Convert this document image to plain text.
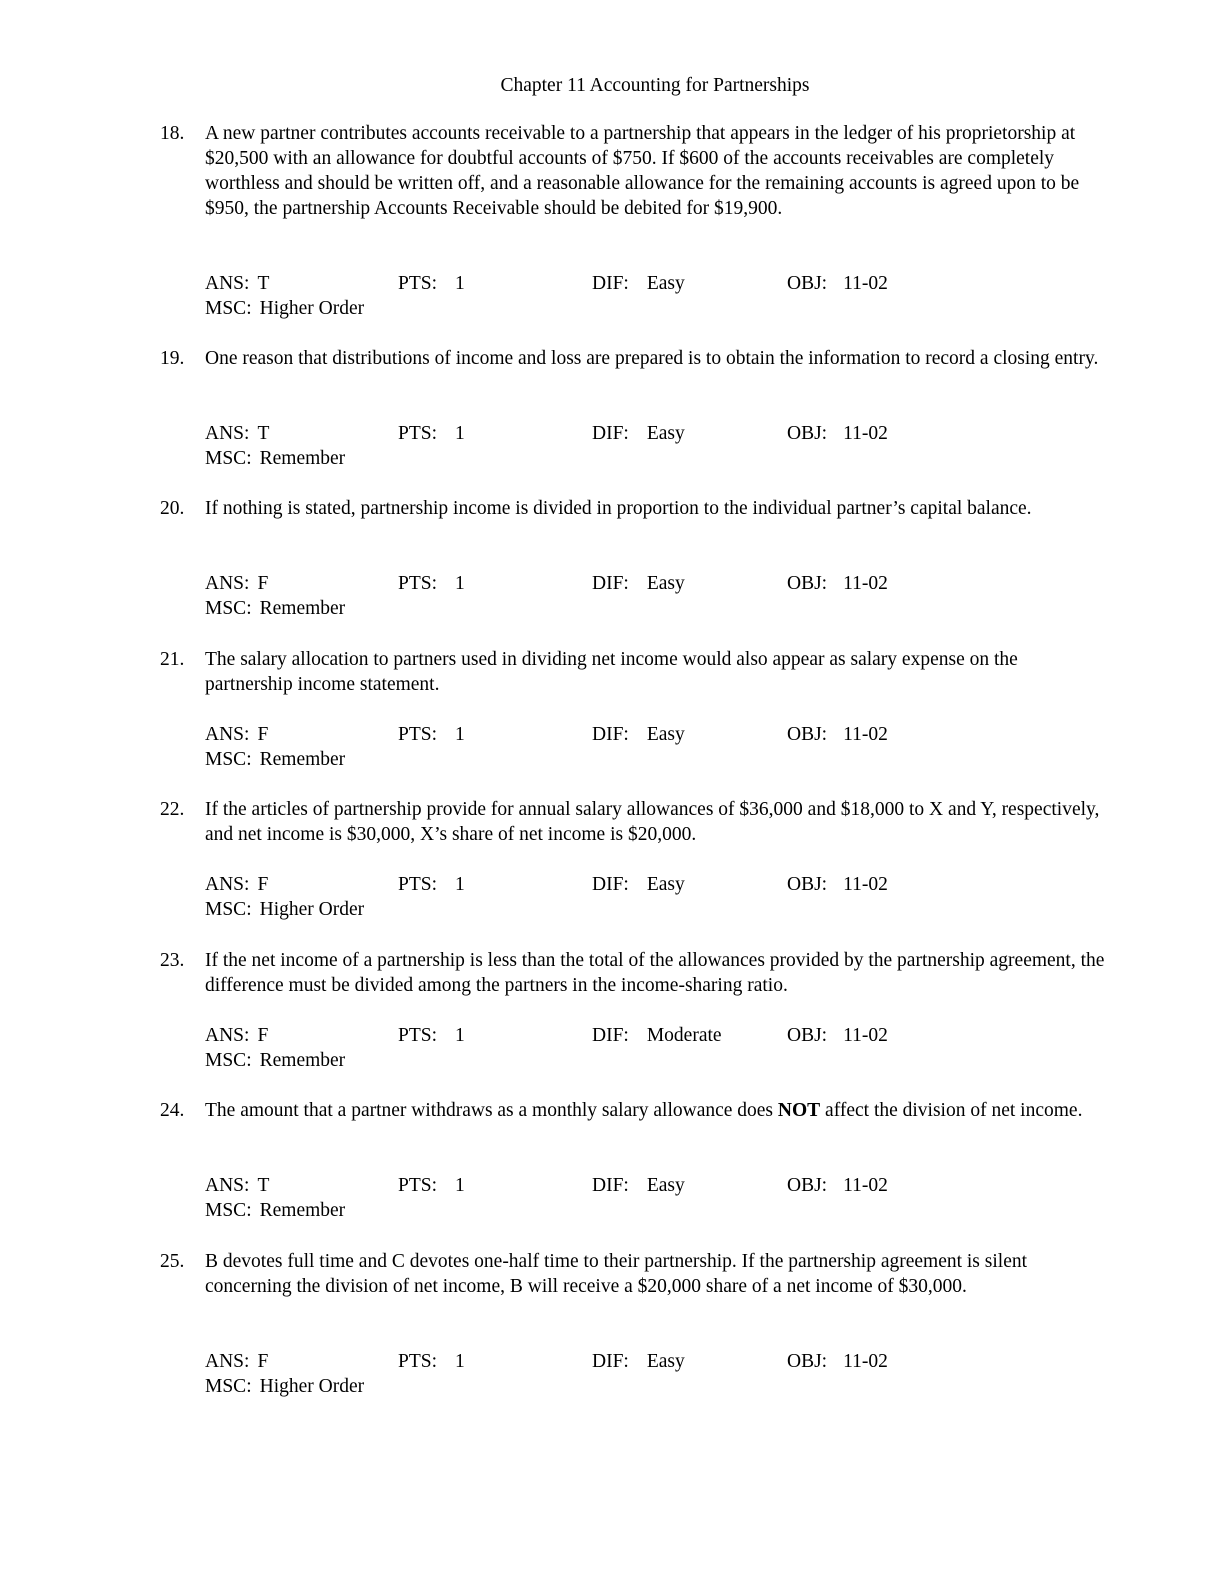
Chapter 11 Accounting for Partnerships
18.	A new partner contributes accounts receivable to a partnership that appears in the ledger of his proprietorship at $20,500 with an allowance for doubtful accounts of $750. If $600 of the accounts receivables are completely worthless and should be written off, and a reasonable allowance for the remaining accounts is agreed upon to be $950, the partnership Accounts Receivable should be debited for $19,900.
ANS: T	PTS: 1	DIF: Easy	OBJ: 11-02
MSC: Higher Order
19.	One reason that distributions of income and loss are prepared is to obtain the information to record a closing entry.
ANS: T	PTS: 1	DIF: Easy	OBJ: 11-02
MSC: Remember
20.	If nothing is stated, partnership income is divided in proportion to the individual partner’s capital balance.
ANS: F	PTS: 1	DIF: Easy	OBJ: 11-02
MSC: Remember
21.	The salary allocation to partners used in dividing net income would also appear as salary expense on the partnership income statement.
ANS: F	PTS: 1	DIF: Easy	OBJ: 11-02
MSC: Remember
22.	If the articles of partnership provide for annual salary allowances of $36,000 and $18,000 to X and Y, respectively, and net income is $30,000, X’s share of net income is $20,000.
ANS: F	PTS: 1	DIF: Easy	OBJ: 11-02
MSC: Higher Order
23.	If the net income of a partnership is less than the total of the allowances provided by the partnership agreement, the difference must be divided among the partners in the income-sharing ratio.
ANS: F	PTS: 1	DIF: Moderate	OBJ: 11-02
MSC: Remember
24.	The amount that a partner withdraws as a monthly salary allowance does NOT affect the division of net income.
ANS: T	PTS: 1	DIF: Easy	OBJ: 11-02
MSC: Remember
25.	B devotes full time and C devotes one-half time to their partnership. If the partnership agreement is silent concerning the division of net income, B will receive a $20,000 share of a net income of $30,000.
ANS: F	PTS: 1	DIF: Easy	OBJ: 11-02
MSC: Higher Order
